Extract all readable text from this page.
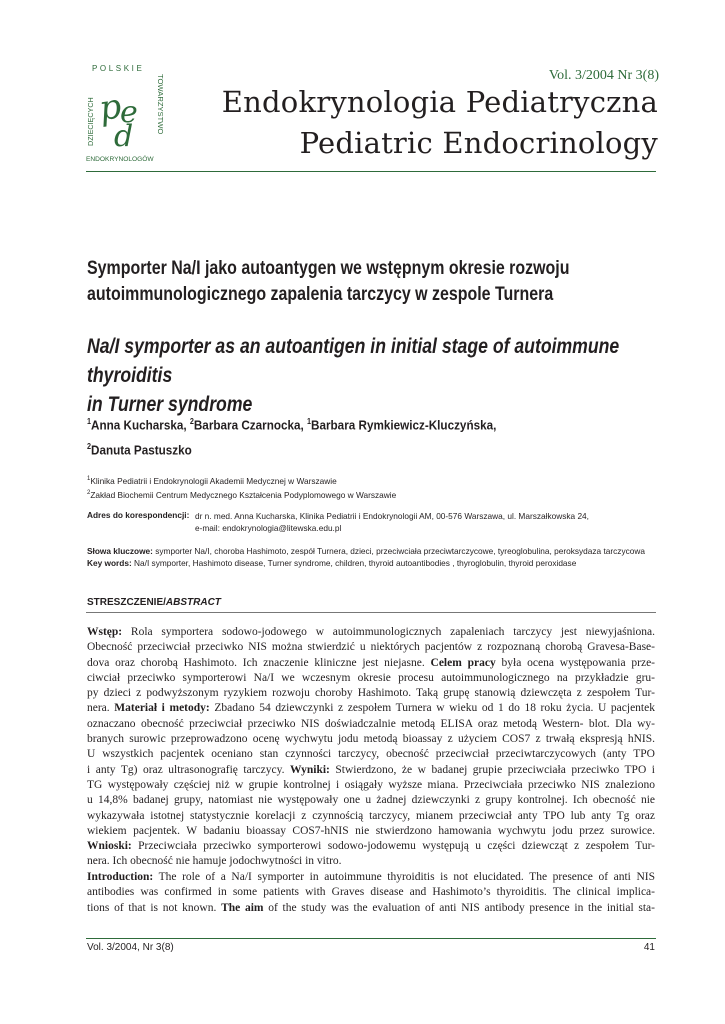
POLSKIE
TOWARZYSTWO
DZIECIĘCYCH
ENDOKRYNOLOGÓW
p
e
d
Vol. 3/2004 Nr 3(8)
Endokrynologia Pediatryczna
Pediatric Endocrinology
Symporter Na/I jako autoantygen we wstępnym okresie rozwoju
autoimmunologicznego zapalenia tarczycy w zespole Turnera
Na/I symporter as an autoantigen in initial stage of autoimmune thyroiditis
in Turner syndrome
$^1$Anna Kucharska, $^2$Barbara Czarnocka, $^1$Barbara Rymkiewicz-Kluczyńska,
$^2$Danuta Pastuszko
$^1$Klinika Pediatrii i Endokrynologii Akademii Medycznej w Warszawie
$^2$Zakład Biochemii Centrum Medycznego Kształcenia Podyplomowego w Warszawie
Adres do korespondencji: dr n. med. Anna Kucharska, Klinika Pediatrii i Endokrynologii AM, 00-576 Warszawa, ul. Marszałkowska 24,
e-mail: endokrynologia@litewska.edu.pl
Słowa kluczowe: symporter Na/I, choroba Hashimoto, zespół Turnera, dzieci, przeciwciała przeciwtarczycowe, tyreoglobulina, peroksydaza tarczycowa
Key words: Na/I symporter, Hashimoto disease, Turner syndrome, children, thyroid autoantibodies , thyroglobulin, thyroid peroxidase
STRESZCZENIE/ABSTRACT
Wstęp: Rola symportera sodowo-jodowego w autoimmunologicznych zapaleniach tarczycy jest niewyjaśniona.
Obecność przeciwciał przeciwko NIS można stwierdzić u niektórych pacjentów z rozpoznaną chorobą Gravesa-Base-
dova oraz chorobą Hashimoto. Ich znaczenie kliniczne jest niejasne. Celem pracy była ocena występowania prze-
ciwciał przeciwko symporterowi Na/I we wczesnym okresie procesu autoimmunologicznego na przykładzie gru-
py dzieci z podwyższonym ryzykiem rozwoju choroby Hashimoto. Taką grupę stanowią dziewczęta z zespołem Tur-
nera. Materiał i metody: Zbadano 54 dziewczynki z zespołem Turnera w wieku od 1 do 18 roku życia. U pacjentek
oznaczano obecność przeciwciał przeciwko NIS doświadczalnie metodą ELISA oraz metodą Western- blot. Dla wy-
branych surowic przeprowadzono ocenę wychwytu jodu metodą bioassay z użyciem COS7 z trwałą ekspresją hNIS.
U wszystkich pacjentek oceniano stan czynności tarczycy, obecność przeciwciał przeciwtarczycowych (anty TPO
i anty Tg) oraz ultrasonografię tarczycy. Wyniki: Stwierdzono, że w badanej grupie przeciwciała przeciwko TPO i
TG występowały częściej niż w grupie kontrolnej i osiągały wyższe miana. Przeciwciała przeciwko NIS znaleziono
u 14,8% badanej grupy, natomiast nie występowały one u żadnej dziewczynki z grupy kontrolnej. Ich obecność nie
wykazywała istotnej statystycznie korelacji z czynnością tarczycy, mianem przeciwciał anty TPO lub anty Tg oraz
wiekiem pacjentek. W badaniu bioassay COS7-hNIS nie stwierdzono hamowania wychwytu jodu przez surowice.
Wnioski: Przeciwciała przeciwko symporterowi sodowo-jodowemu występują u części dziewcząt z zespołem Tur-
nera. Ich obecność nie hamuje jodochwytności in vitro.
Introduction: The role of a Na/I symporter in autoimmune thyroiditis is not elucidated. The presence of anti NIS
antibodies was confirmed in some patients with Graves disease and Hashimoto’s thyroiditis. The clinical implica-
tions of that is not known. The aim of the study was the evaluation of anti NIS antibody presence in the initial sta-
Vol. 3/2004, Nr 3(8)	41
